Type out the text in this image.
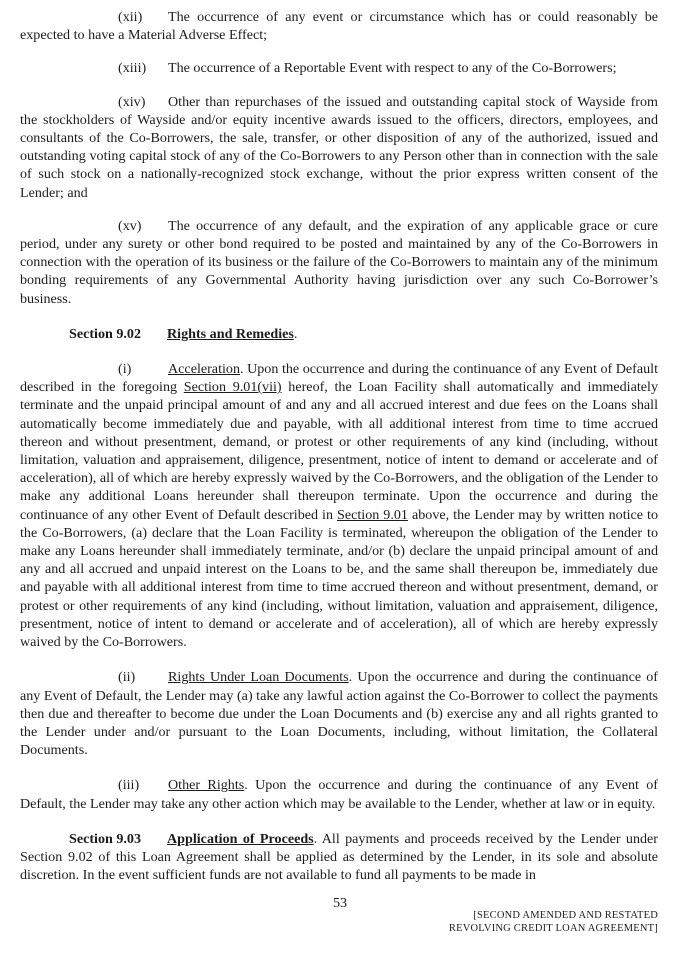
(xii) The occurrence of any event or circumstance which has or could reasonably be expected to have a Material Adverse Effect;

(xiii) The occurrence of a Reportable Event with respect to any of the Co-Borrowers;

(xiv) Other than repurchases of the issued and outstanding capital stock of Wayside from the stockholders of Wayside and/or equity incentive awards issued to the officers, directors, employees, and consultants of the Co-Borrowers, the sale, transfer, or other disposition of any of the authorized, issued and outstanding voting capital stock of any of the Co-Borrowers to any Person other than in connection with the sale of such stock on a nationally-recognized stock exchange, without the prior express written consent of the Lender; and

(xv) The occurrence of any default, and the expiration of any applicable grace or cure period, under any surety or other bond required to be posted and maintained by any of the Co-Borrowers in connection with the operation of its business or the failure of the Co-Borrowers to maintain any of the minimum bonding requirements of any Governmental Authority having jurisdiction over any such Co-Borrower’s business.

Section 9.02 Rights and Remedies.

(i)	Acceleration. Upon the occurrence and during the continuance of any Event of Default described in the foregoing Section 9.01(vii) hereof, the Loan Facility shall automatically and immediately terminate and the unpaid principal amount of and any and all accrued interest and due fees on the Loans shall automatically become immediately due and payable, with all additional interest from time to time accrued thereon and without presentment, demand, or protest or other requirements of any kind (including, without limitation, valuation and appraisement, diligence, presentment, notice of intent to demand or accelerate and of acceleration), all of which are hereby expressly waived by the Co-Borrowers, and the obligation of the Lender to make any additional Loans hereunder shall thereupon terminate. Upon the occurrence and during the continuance of any other Event of Default described in Section 9.01 above, the Lender may by written notice to the Co-Borrowers, (a) declare that the Loan Facility is terminated, whereupon the obligation of the Lender to make any Loans hereunder shall immediately terminate, and/or (b) declare the unpaid principal amount of and any and all accrued and unpaid interest on the Loans to be, and the same shall thereupon be, immediately due and payable with all additional interest from time to time accrued thereon and without presentment, demand, or protest or other requirements of any kind (including, without limitation, valuation and appraisement, diligence, presentment, notice of intent to demand or accelerate and of acceleration), all of which are hereby expressly waived by the Co-Borrowers.

(ii) Rights Under Loan Documents. Upon the occurrence and during the continuance of any Event of Default, the Lender may (a) take any lawful action against the Co-Borrower to collect the payments then due and thereafter to become due under the Loan Documents and (b) exercise any and all rights granted to the Lender under and/or pursuant to the Loan Documents, including, without limitation, the Collateral Documents.

(iii) Other Rights. Upon the occurrence and during the continuance of any Event of Default, the Lender may take any other action which may be available to the Lender, whether at law or in equity.

Section 9.03 Application of Proceeds. All payments and proceeds received by the Lender under Section 9.02 of this Loan Agreement shall be applied as determined by the Lender, in its sole and absolute discretion. In the event sufficient funds are not available to fund all payments to be made in

53
[SECOND AMENDED AND RESTATED
REVOLVING CREDIT LOAN AGREEMENT]
